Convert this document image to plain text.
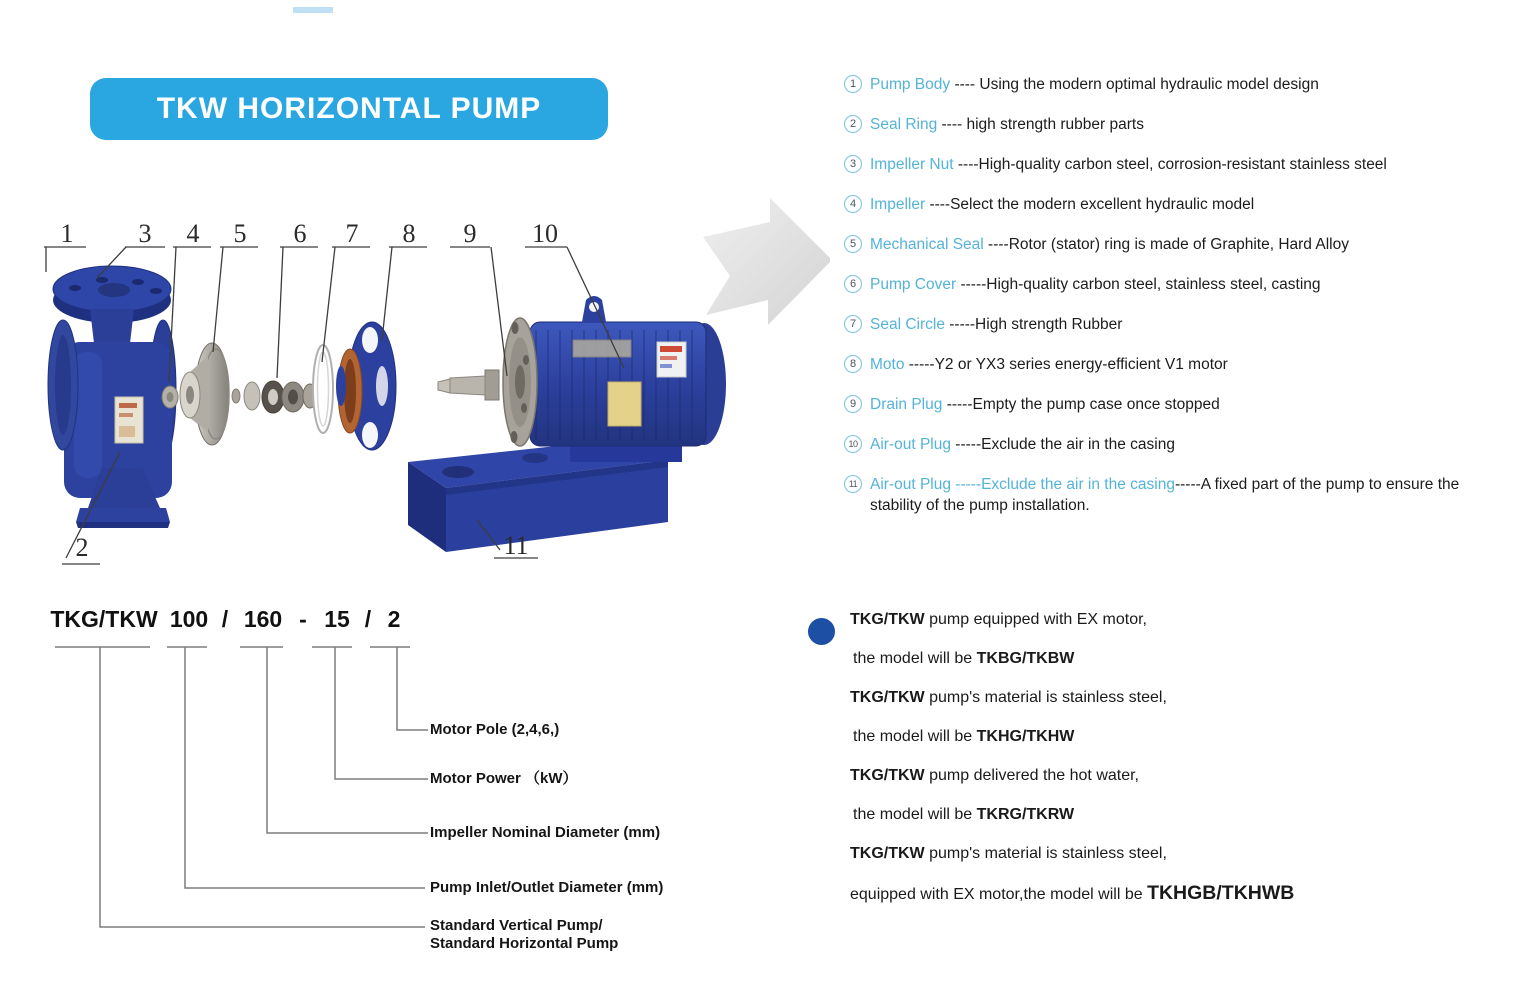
TKW HORIZONTAL PUMP
1	3 4 5 6 7 8 9 10
2	11
1 Pump Body ---- Using the modern optimal hydraulic model design
2 Seal Ring ---- high strength rubber parts
3 Impeller Nut ----High-quality carbon steel, corrosion-resistant stainless steel
4 Impeller ----Select the modern excellent hydraulic model
5 Mechanical Seal ----Rotor (stator) ring is made of Graphite, Hard Alloy
6 Pump Cover -----High-quality carbon steel, stainless steel, casting
7 Seal Circle -----High strength Rubber
8 Moto -----Y2 or YX3 series energy-efficient V1 motor
9 Drain Plug -----Empty the pump case once stopped
10 Air-out Plug -----Exclude the air in the casing
11 Air-out Plug -----Exclude the air in the casing-----A fixed part of the pump to ensure the stability of the pump installation.
TKG/TKW 100 / 160 - 15 / 2
Motor Pole (2,4,6,)
Motor Power （kW）
Impeller Nominal Diameter (mm)
Pump Inlet/Outlet Diameter (mm)
Standard Vertical Pump/
Standard Horizontal Pump
TKG/TKW pump equipped with EX motor,
the model will be TKBG/TKBW
TKG/TKW pump's material is stainless steel,
the model will be TKHG/TKHW
TKG/TKW pump delivered the hot water,
the model will be TKRG/TKRW
TKG/TKW pump's material is stainless steel,
equipped with EX motor,the model will be TKHGB/TKHWB
